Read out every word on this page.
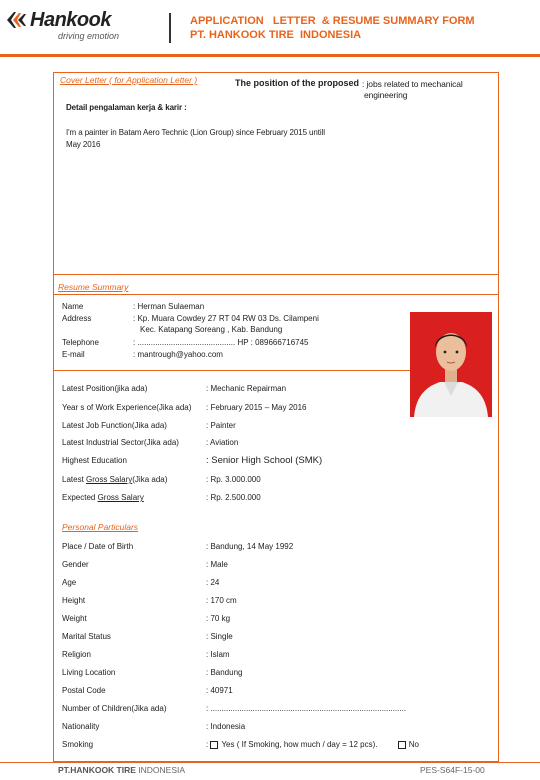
Hankook
driving emotion
APPLICATION   LETTER  & RESUME SUMMARY FORM
PT. HANKOOK TIRE  INDONESIA
Cover Letter ( for Application Letter )	The position of the proposed : jobs related to mechanical
engineering
Detail pengalaman kerja & karir :
I'm a painter in Batam Aero Technic (Lion Group) since February 2015 untill
May 2016
Resume Summary
Name	: Herman Sulaeman
Address	: Kp. Muara Cowdey 27 RT 04 RW 03 Ds. Cilampeni
Kec. Katapang Soreang , Kab. Bandung
Telephone	: ............................................ HP : 089666716745
E-mail	: mantrough@yahoo.com
Latest Position(jika ada)	: Mechanic Repairman
Year s of Work Experience(Jika ada) : February 2015 – May 2016
Latest Job Function(Jika ada)	: Painter
Latest Industrial Sector(Jika ada)	: Aviation
Highest Education	: Senior High School (SMK)
Latest Gross Salary(Jika ada)	: Rp. 3.000.000
Expected Gross Salary	: Rp. 2.500.000
Personal Particulars
Place / Date of Birth	: Bandung, 14 May 1992
Gender	: Male
Age	: 24
Height	: 170 cm
Weight	: 70 kg
Marital Status	: Single
Religion	: Islam
Living Location	: Bandung
Postal Code	: 40971
Number of Children(Jika ada)	: ........................................................................................
Nationality	: Indonesia
Smoking	: Yes ( If Smoking, how much / day = 12 pcs).	No
PT.HANKOOK TIRE INDONESIA	PES-S64F-15-00
